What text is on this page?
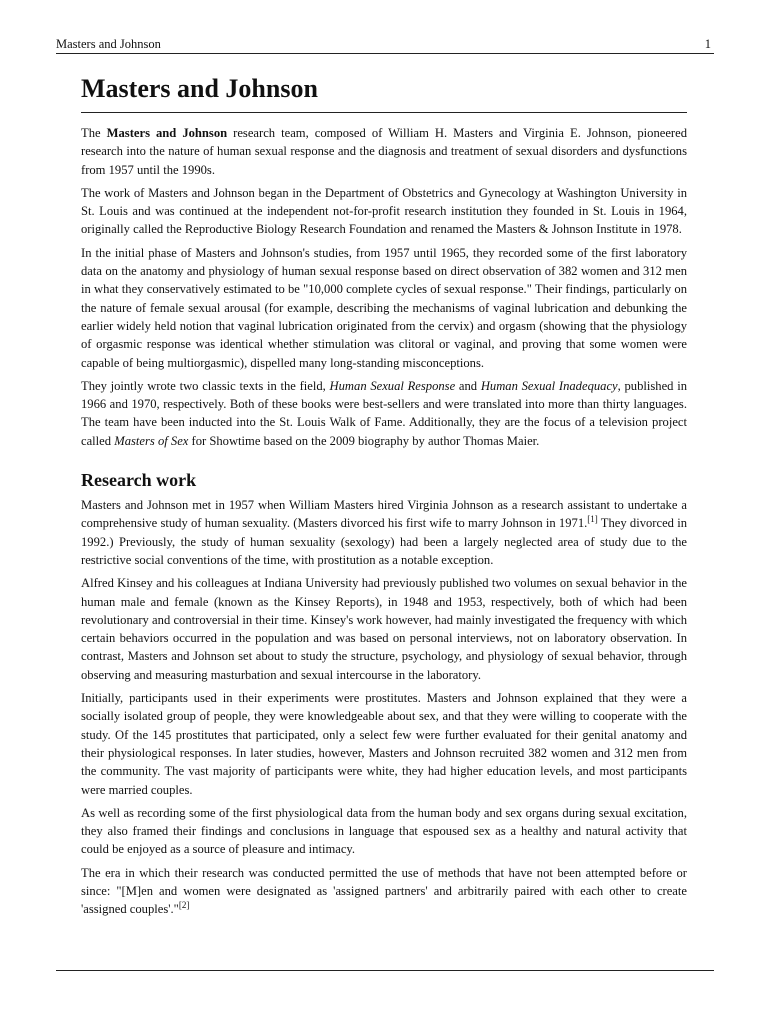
Masters and Johnson	1
Masters and Johnson

The Masters and Johnson research team, composed of William H. Masters and Virginia E. Johnson, pioneered research into the nature of human sexual response and the diagnosis and treatment of sexual disorders and dysfunctions from 1957 until the 1990s.

The work of Masters and Johnson began in the Department of Obstetrics and Gynecology at Washington University in St. Louis and was continued at the independent not-for-profit research institution they founded in St. Louis in 1964, originally called the Reproductive Biology Research Foundation and renamed the Masters & Johnson Institute in 1978.

In the initial phase of Masters and Johnson's studies, from 1957 until 1965, they recorded some of the first laboratory data on the anatomy and physiology of human sexual response based on direct observation of 382 women and 312 men in what they conservatively estimated to be "10,000 complete cycles of sexual response." Their findings, particularly on the nature of female sexual arousal (for example, describing the mechanisms of vaginal lubrication and debunking the earlier widely held notion that vaginal lubrication originated from the cervix) and orgasm (showing that the physiology of orgasmic response was identical whether stimulation was clitoral or vaginal, and proving that some women were capable of being multiorgasmic), dispelled many long-standing misconceptions.

They jointly wrote two classic texts in the field, Human Sexual Response and Human Sexual Inadequacy, published in 1966 and 1970, respectively. Both of these books were best-sellers and were translated into more than thirty languages. The team have been inducted into the St. Louis Walk of Fame. Additionally, they are the focus of a television project called Masters of Sex for Showtime based on the 2009 biography by author Thomas Maier.

Research work

Masters and Johnson met in 1957 when William Masters hired Virginia Johnson as a research assistant to undertake a comprehensive study of human sexuality. (Masters divorced his first wife to marry Johnson in 1971.[1] They divorced in 1992.) Previously, the study of human sexuality (sexology) had been a largely neglected area of study due to the restrictive social conventions of the time, with prostitution as a notable exception.

Alfred Kinsey and his colleagues at Indiana University had previously published two volumes on sexual behavior in the human male and female (known as the Kinsey Reports), in 1948 and 1953, respectively, both of which had been revolutionary and controversial in their time. Kinsey's work however, had mainly investigated the frequency with which certain behaviors occurred in the population and was based on personal interviews, not on laboratory observation. In contrast, Masters and Johnson set about to study the structure, psychology, and physiology of sexual behavior, through observing and measuring masturbation and sexual intercourse in the laboratory.

Initially, participants used in their experiments were prostitutes. Masters and Johnson explained that they were a socially isolated group of people, they were knowledgeable about sex, and that they were willing to cooperate with the study. Of the 145 prostitutes that participated, only a select few were further evaluated for their genital anatomy and their physiological responses. In later studies, however, Masters and Johnson recruited 382 women and 312 men from the community. The vast majority of participants were white, they had higher education levels, and most participants were married couples.

As well as recording some of the first physiological data from the human body and sex organs during sexual excitation, they also framed their findings and conclusions in language that espoused sex as a healthy and natural activity that could be enjoyed as a source of pleasure and intimacy.

The era in which their research was conducted permitted the use of methods that have not been attempted before or since: "[M]en and women were designated as 'assigned partners' and arbitrarily paired with each other to create 'assigned couples'."[2]
